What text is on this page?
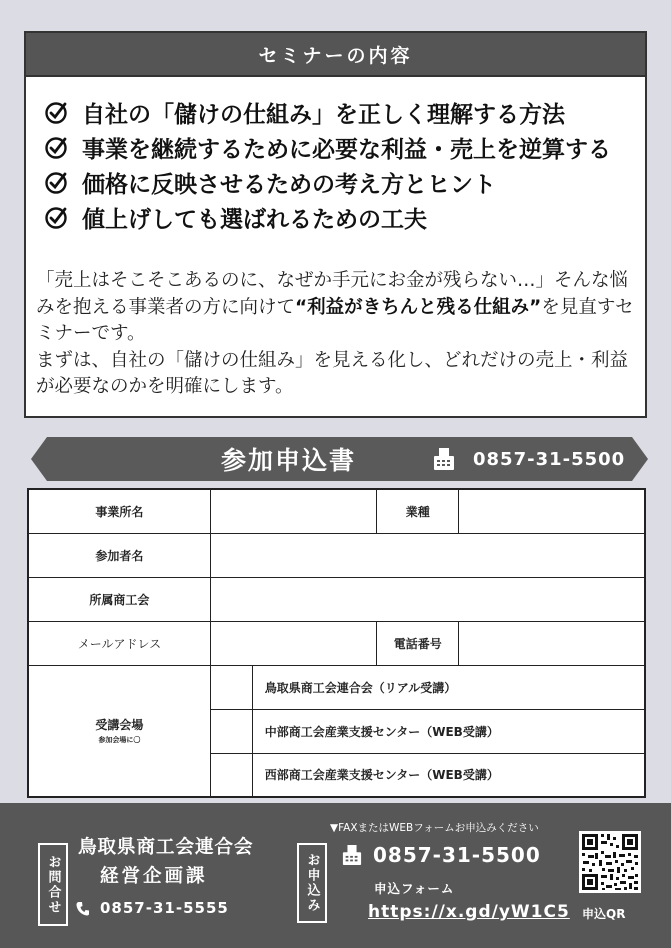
セミナーの内容
自社の「儲けの仕組み」を正しく理解する方法
事業を継続するために必要な利益・売上を逆算する
価格に反映させるための考え方とヒント
値上げしても選ばれるための工夫

「売上はそこそこあるのに、なぜか手元にお金が残らない…」そんな悩みを抱える事業者の方に向けて“利益がきちんと残る仕組み”を見直すセミナーです。
まずは、自社の「儲けの仕組み」を見える化し、どれだけの売上・利益が必要なのかを明確にします。

参加申込書	0857-31-5500
事業所名			業種	
参加者名				
所属商工会				
メールアドレス			電話番号	
受講会場
参加会場に〇		鳥取県商工会連合会（リアル受講）		
		中部商工会産業支援センター（WEB受講）		
		西部商工会産業支援センター（WEB受講）		
お問合せ
鳥取県商工会連合会
経営企画課
0857-31-5555	お申込み
▼FAXまたはWEBフォームお申込みください
0857-31-5500
申込フォーム
https://x.gd/yW1C5 申込QR
